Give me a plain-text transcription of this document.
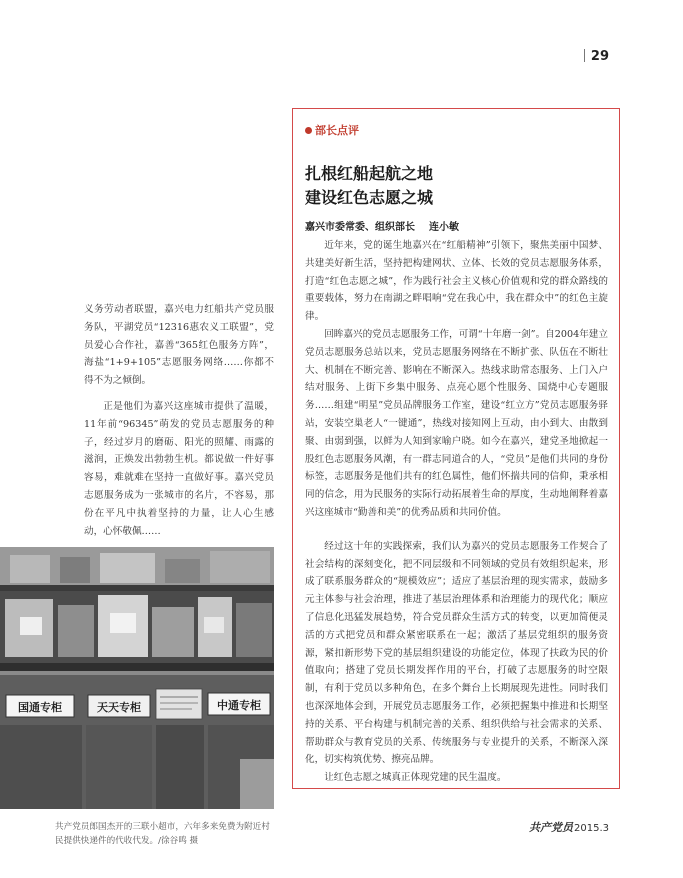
29

义务劳动者联盟，嘉兴电力红船共产党员服务队，平湖党员“12316惠农义工联盟”，党员爱心合作社，嘉善“365红色服务方阵”，海盐“1+9+105”志愿服务网络……你都不得不为之倾倒。

正是他们为嘉兴这座城市提供了温暖，11年前“96345”萌发的党员志愿服务的种子，经过岁月的磨砺、阳光的照耀、雨露的滋润，正焕发出勃勃生机。都说做一件好事容易，难就难在坚持一直做好事。嘉兴党员志愿服务成为一张城市的名片，不容易，那份在平凡中执着坚持的力量，让人心生感动，心怀敬佩……

国通专柜	天天专柜	中通专柜
共产党员郎国杰开的三联小超市，六年多来免费为附近村民提供快递件的代收代发。/徐谷鸣 摄
部长点评
扎根红船起航之地
建设红色志愿之城
嘉兴市委常委、组织部长 连小敏

近年来，党的诞生地嘉兴在“红船精神”引领下，聚焦美丽中国梦、共建美好新生活，坚持把构建网状、立体、长效的党员志愿服务体系，打造“红色志愿之城”，作为践行社会主义核心价值观和党的群众路线的重要载体，努力在南湖之畔唱响“党在我心中，我在群众中”的红色主旋律。

回眸嘉兴的党员志愿服务工作，可谓“十年磨一剑”。自2004年建立党员志愿服务总站以来，党员志愿服务网络在不断扩张、队伍在不断壮大、机制在不断完善、影响在不断深入。热线求助常态服务、上门入户结对服务、上街下乡集中服务、点亮心愿个性服务、国烧中心专题服务……组建“明星”党员品牌服务工作室，建设“红立方”党员志愿服务驿站，安装空巢老人“一键通”，热线对接知网上互动，由小到大、由散到聚、由弱到强，以鲜为人知到家喻户晓。如今在嘉兴，建党圣地掀起一股红色志愿服务风潮，有一群志同道合的人，“党员”是他们共同的身份标签，志愿服务是他们共有的红色属性，他们怀揣共同的信仰，秉承相同的信念，用为民服务的实际行动拓展着生命的厚度，生动地阐释着嘉兴这座城市“勤善和美”的优秀品质和共同价值。

经过这十年的实践探索，我们认为嘉兴的党员志愿服务工作契合了社会结构的深刻变化，把不同层级和不同领域的党员有效组织起来，形成了联系服务群众的“规模效应”；适应了基层治理的现实需求，鼓励多元主体参与社会治理，推进了基层治理体系和治理能力的现代化；顺应了信息化迅猛发展趋势，符合党员群众生活方式的转变，以更加简便灵活的方式把党员和群众紧密联系在一起；激活了基层党组织的服务资源，紧扣新形势下党的基层组织建设的功能定位，体现了扶政为民的价值取向；搭建了党员长期发挥作用的平台，打破了志愿服务的时空限制，有利于党员以多种角色，在多个舞台上长期展现先进性。同时我们也深深地体会到，开展党员志愿服务工作，必须把握集中推进和长期坚持的关系、平台构建与机制完善的关系、组织供给与社会需求的关系、帮助群众与教育党员的关系、传统服务与专业提升的关系，不断深入深化，切实构筑优势、擦亮品牌。

让红色志愿之城真正体现党建的民生温度。

共产党员2015.3
